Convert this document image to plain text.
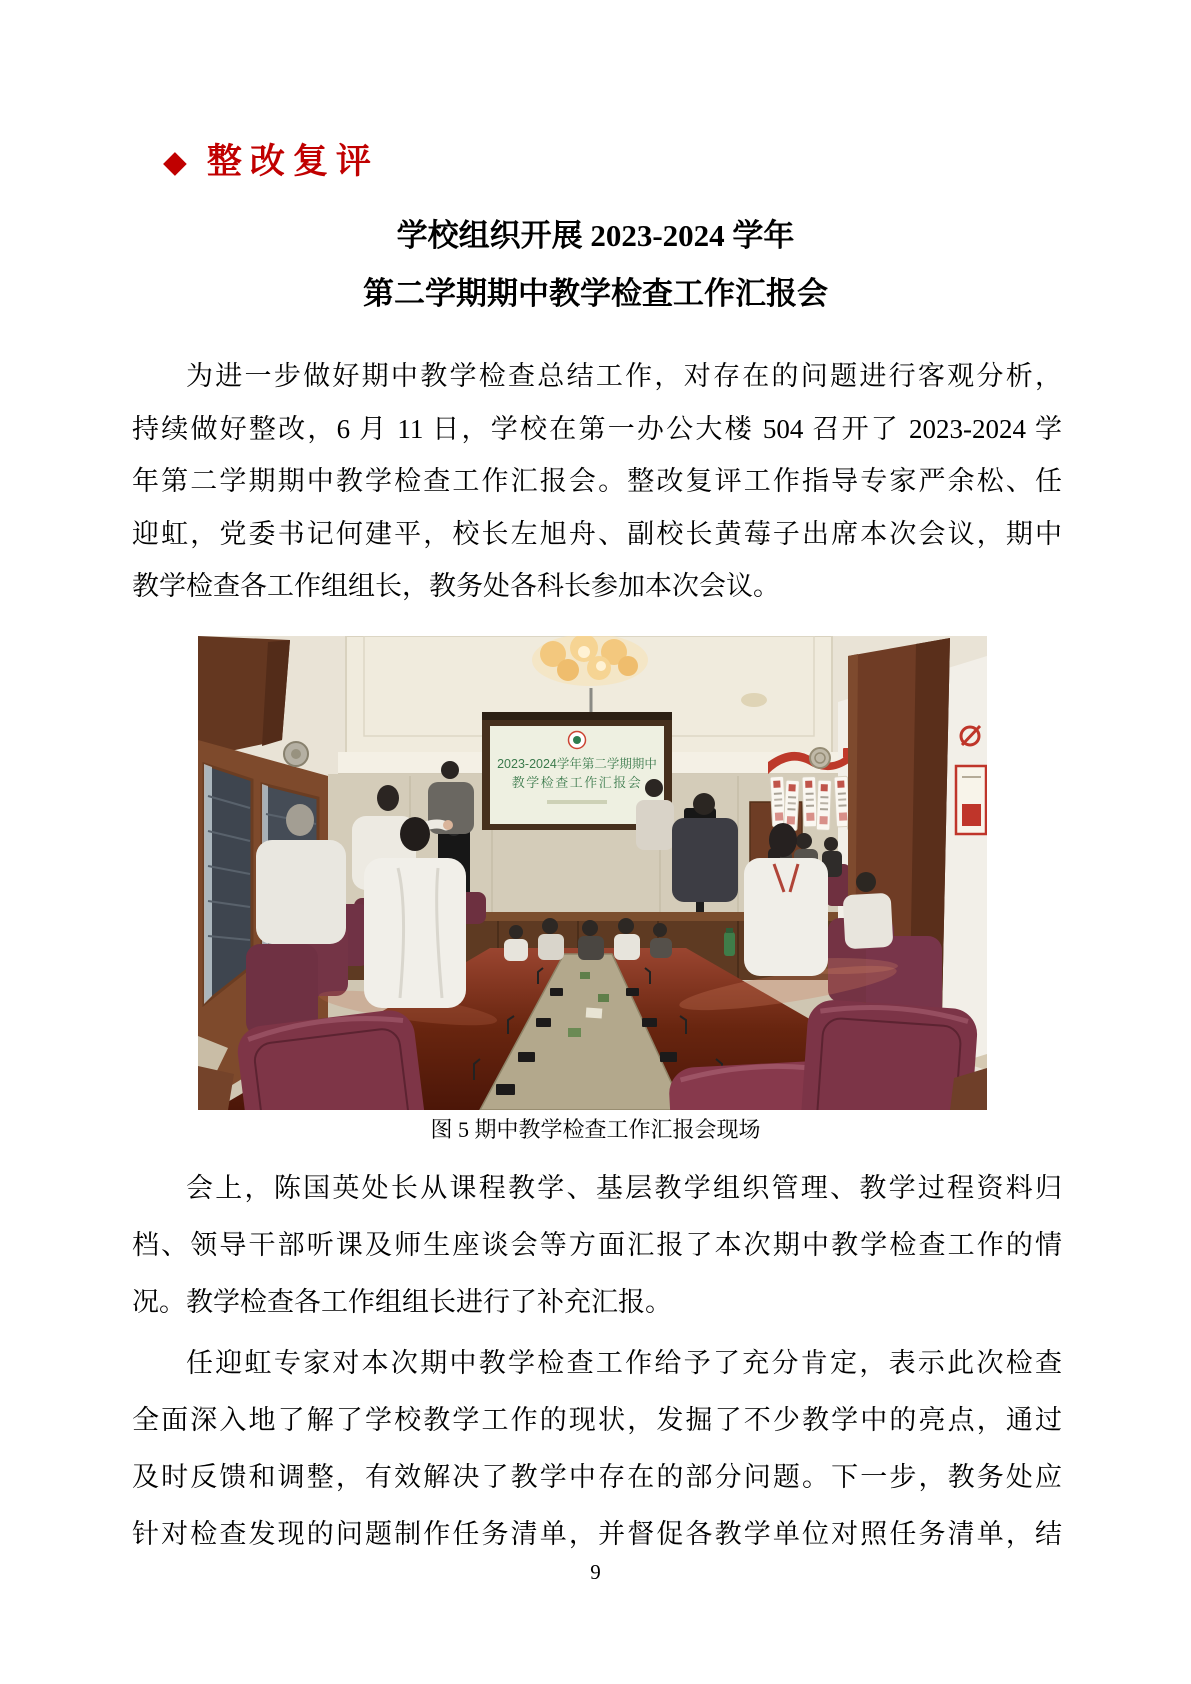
◆ 整改复评
学校组织开展 2023-2024 学年
第二学期期中教学检查工作汇报会
为进一步做好期中教学检查总结工作，对存在的问题进行客观分析，
持续做好整改，6 月 11 日，学校在第一办公大楼 504 召开了 2023-2024 学
年第二学期期中教学检查工作汇报会。整改复评工作指导专家严余松、任
迎虹，党委书记何建平，校长左旭舟、副校长黄莓子出席本次会议，期中
教学检查各工作组组长，教务处各科长参加本次会议。
2023-2024学年第二学期期中
教学检查工作汇报会
图 5 期中教学检查工作汇报会现场
会上，陈国英处长从课程教学、基层教学组织管理、教学过程资料归
档、领导干部听课及师生座谈会等方面汇报了本次期中教学检查工作的情
况。教学检查各工作组组长进行了补充汇报。
任迎虹专家对本次期中教学检查工作给予了充分肯定，表示此次检查
全面深入地了解了学校教学工作的现状，发掘了不少教学中的亮点，通过
及时反馈和调整，有效解决了教学中存在的部分问题。下一步，教务处应
针对检查发现的问题制作任务清单，并督促各教学单位对照任务清单，结
9
